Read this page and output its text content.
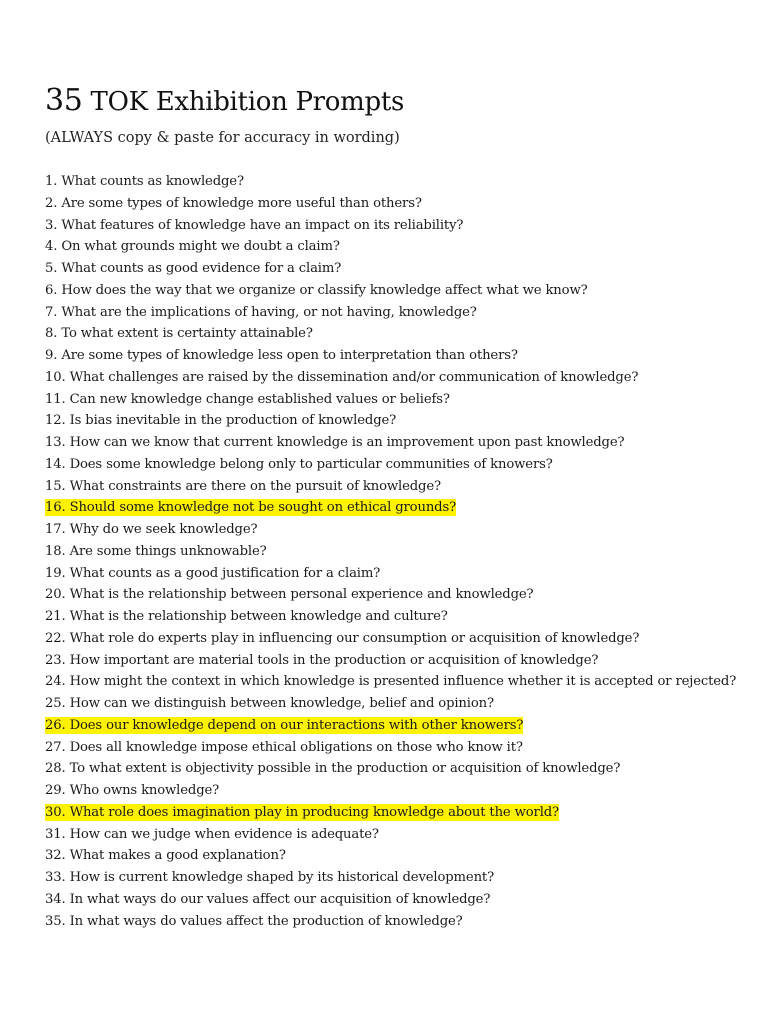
35 TOK Exhibition Prompts

(ALWAYS copy & paste for accuracy in wording)

1. What counts as knowledge?
2. Are some types of knowledge more useful than others?
3. What features of knowledge have an impact on its reliability?
4. On what grounds might we doubt a claim?
5. What counts as good evidence for a claim?
6. How does the way that we organize or classify knowledge affect what we know?
7. What are the implications of having, or not having, knowledge?
8. To what extent is certainty attainable?
9. Are some types of knowledge less open to interpretation than others?
10. What challenges are raised by the dissemination and/or communication of knowledge?
11. Can new knowledge change established values or beliefs?
12. Is bias inevitable in the production of knowledge?
13. How can we know that current knowledge is an improvement upon past knowledge?
14. Does some knowledge belong only to particular communities of knowers?
15. What constraints are there on the pursuit of knowledge?
16. Should some knowledge not be sought on ethical grounds?
17. Why do we seek knowledge?
18. Are some things unknowable?
19. What counts as a good justification for a claim?
20. What is the relationship between personal experience and knowledge?
21. What is the relationship between knowledge and culture?
22. What role do experts play in influencing our consumption or acquisition of knowledge?
23. How important are material tools in the production or acquisition of knowledge?
24. How might the context in which knowledge is presented influence whether it is accepted or rejected?
25. How can we distinguish between knowledge, belief and opinion?
26. Does our knowledge depend on our interactions with other knowers?
27. Does all knowledge impose ethical obligations on those who know it?
28. To what extent is objectivity possible in the production or acquisition of knowledge?
29. Who owns knowledge?
30. What role does imagination play in producing knowledge about the world?
31. How can we judge when evidence is adequate?
32. What makes a good explanation?
33. How is current knowledge shaped by its historical development?
34. In what ways do our values affect our acquisition of knowledge?
35. In what ways do values affect the production of knowledge?
